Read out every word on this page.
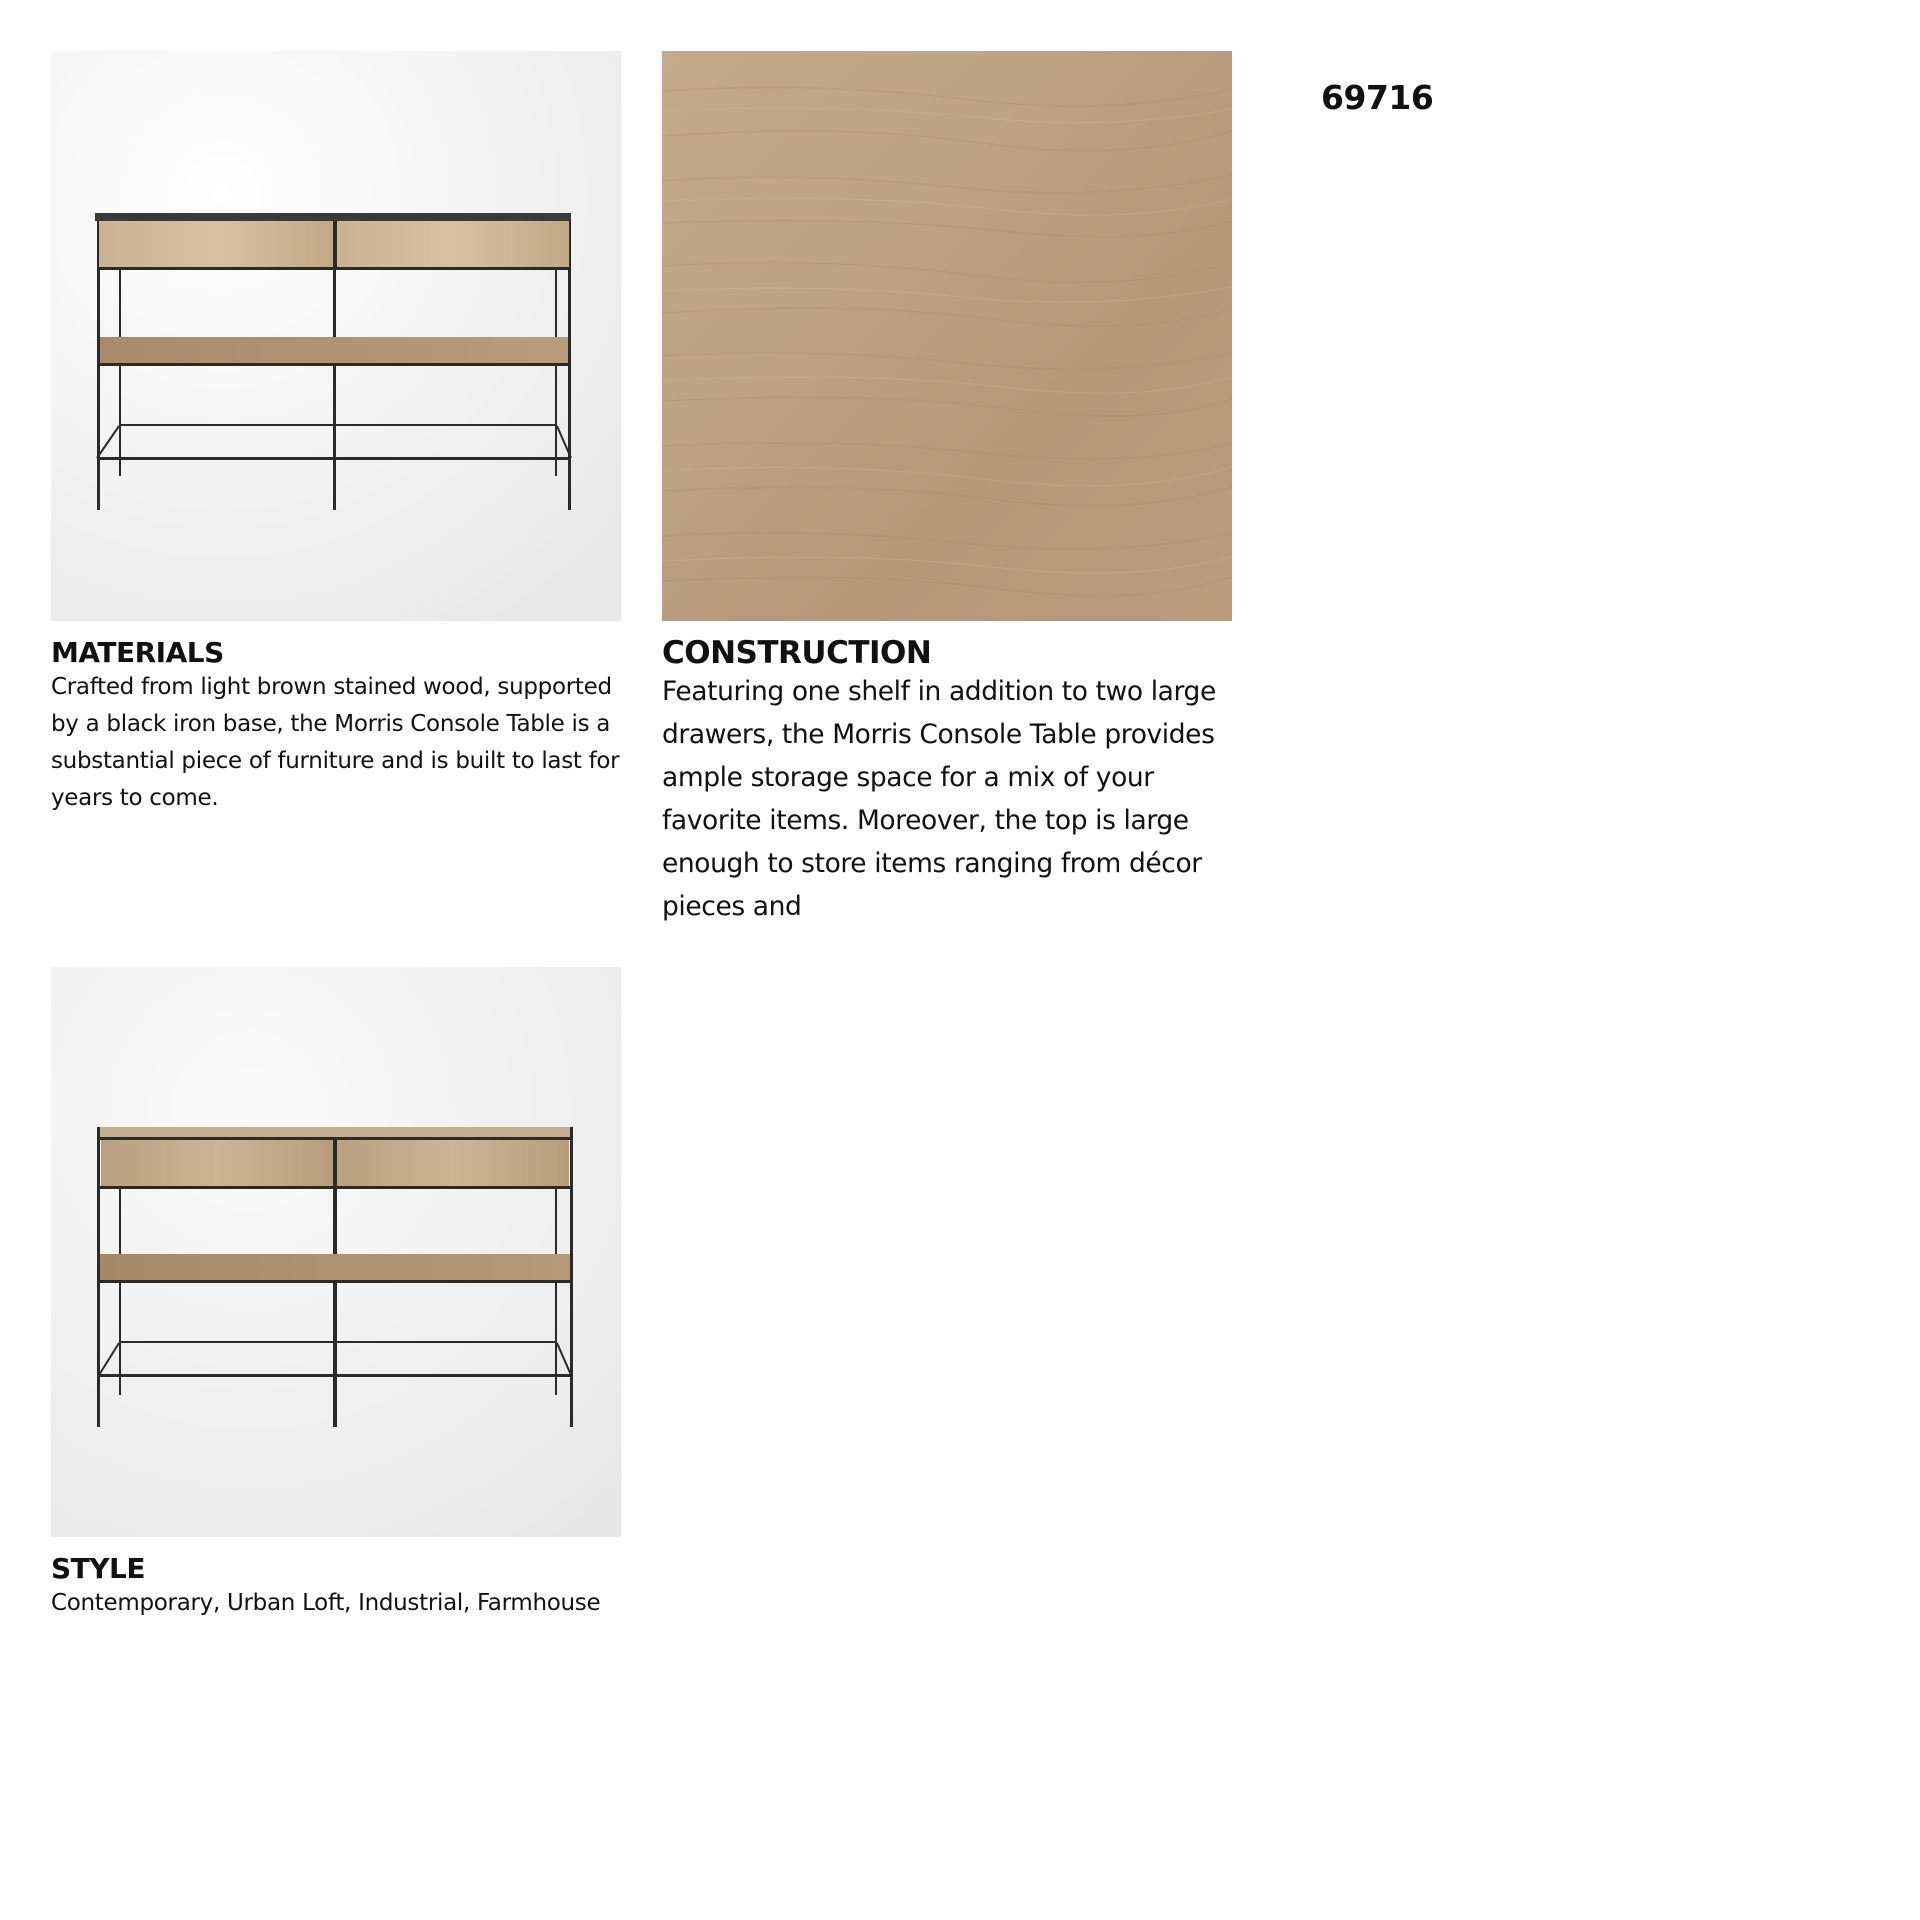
MATERIALS

Crafted from light brown stained wood, supported by a black iron base, the Morris Console Table is a substantial piece of furniture and is built to last for years to come.

CONSTRUCTION

Featuring one shelf in addition to two large drawers, the Morris Console Table provides ample storage space for a mix of your favorite items. Moreover, the top is large enough to store items ranging from décor pieces and

STYLE

Contemporary, Urban Loft, Industrial, Farmhouse

69716
